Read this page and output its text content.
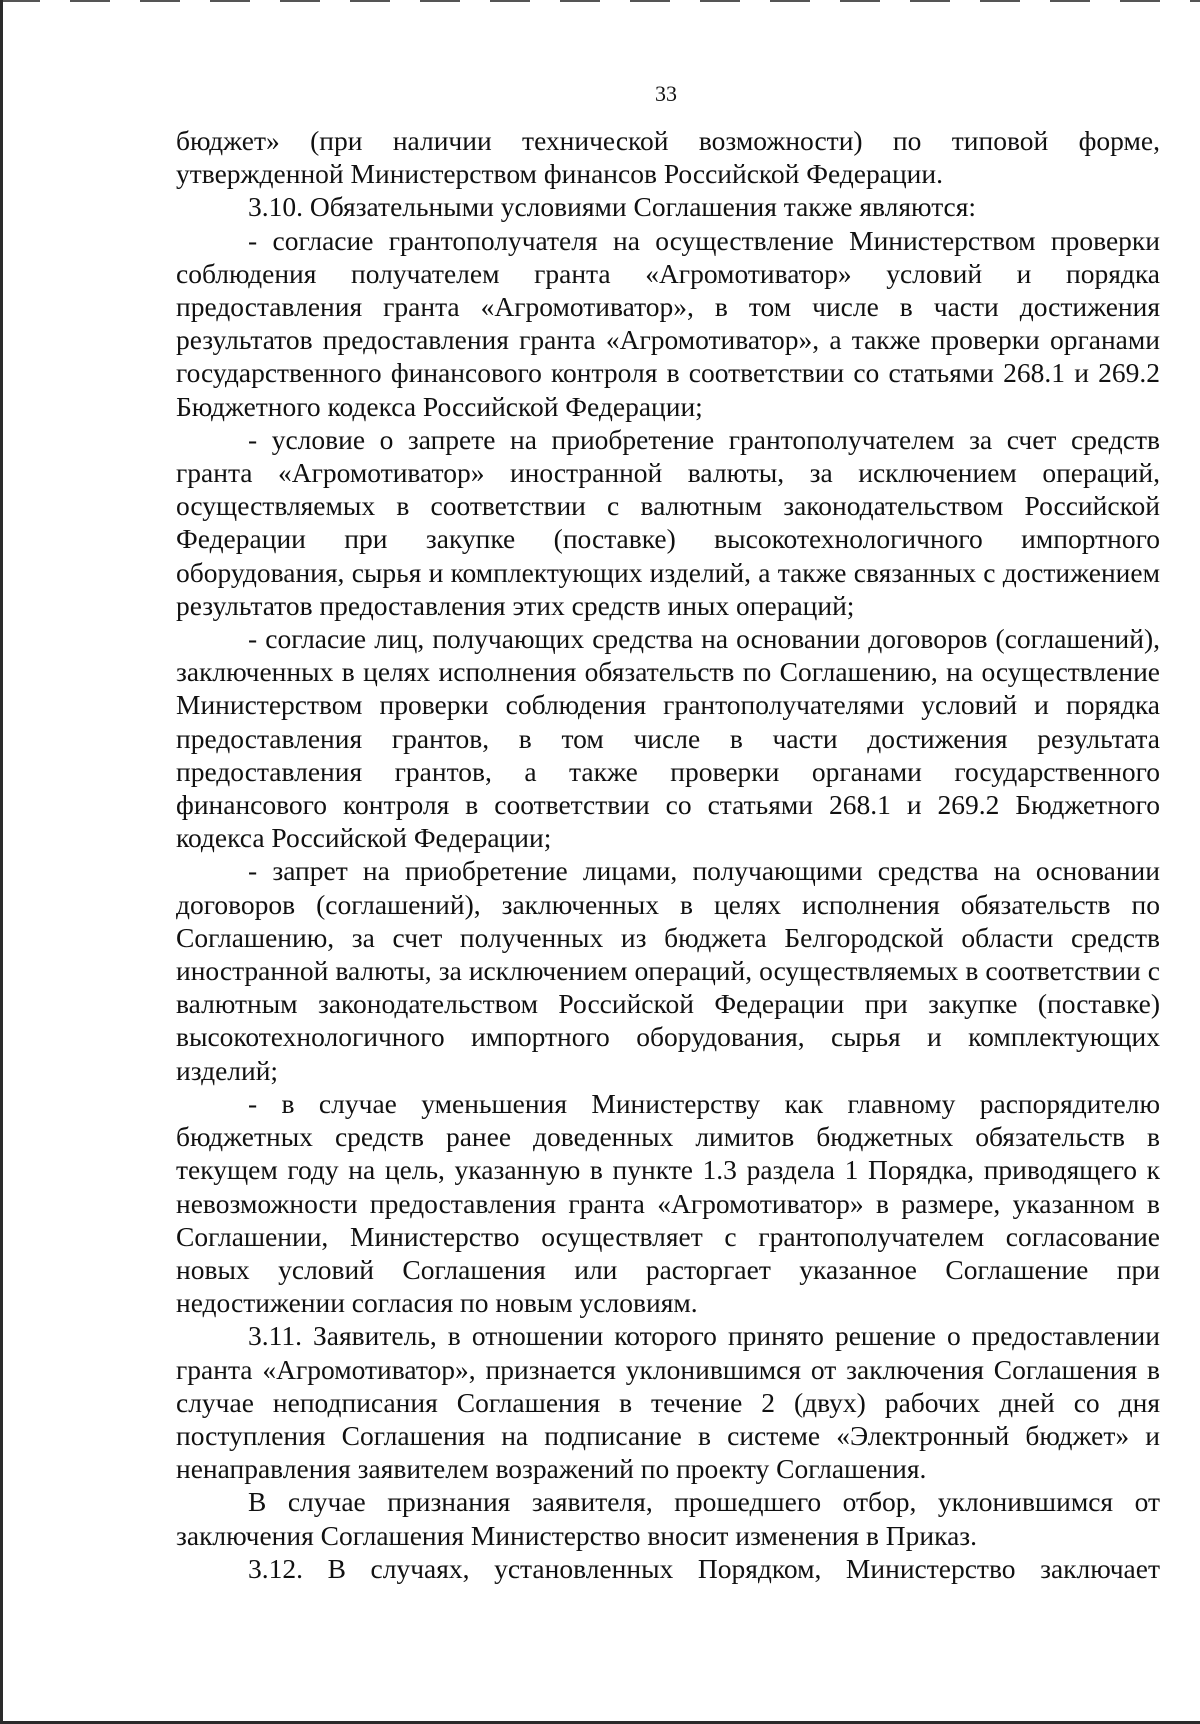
33

бюджет» (при наличии технической возможности) по типовой форме, утвержденной Министерством финансов Российской Федерации.

3.10. Обязательными условиями Соглашения также являются:

- согласие грантополучателя на осуществление Министерством проверки соблюдения получателем гранта «Агромотиватор» условий и порядка предоставления гранта «Агромотиватор», в том числе в части достижения результатов предоставления гранта «Агромотиватор», а также проверки органами государственного финансового контроля в соответствии со статьями 268.1 и 269.2 Бюджетного кодекса Российской Федерации;

- условие о запрете на приобретение грантополучателем за счет средств гранта «Агромотиватор» иностранной валюты, за исключением операций, осуществляемых в соответствии с валютным законодательством Российской Федерации при закупке (поставке) высокотехнологичного импортного оборудования, сырья и комплектующих изделий, а также связанных с достижением результатов предоставления этих средств иных операций;

- согласие лиц, получающих средства на основании договоров (соглашений), заключенных в целях исполнения обязательств по Соглашению, на осуществление Министерством проверки соблюдения грантополучателями условий и порядка предоставления грантов, в том числе в части достижения результата предоставления грантов, а также проверки органами государственного финансового контроля в соответствии со статьями 268.1 и 269.2 Бюджетного кодекса Российской Федерации;

- запрет на приобретение лицами, получающими средства на основании договоров (соглашений), заключенных в целях исполнения обязательств по Соглашению, за счет полученных из бюджета Белгородской области средств иностранной валюты, за исключением операций, осуществляемых в соответствии с валютным законодательством Российской Федерации при закупке (поставке) высокотехнологичного импортного оборудования, сырья и комплектующих изделий;

- в случае уменьшения Министерству как главному распорядителю бюджетных средств ранее доведенных лимитов бюджетных обязательств в текущем году на цель, указанную в пункте 1.3 раздела 1 Порядка, приводящего к невозможности предоставления гранта «Агромотиватор» в размере, указанном в Соглашении, Министерство осуществляет с грантополучателем согласование новых условий Соглашения или расторгает указанное Соглашение при недостижении согласия по новым условиям.

3.11. Заявитель, в отношении которого принято решение о предоставлении гранта «Агромотиватор», признается уклонившимся от заключения Соглашения в случае неподписания Соглашения в течение 2 (двух) рабочих дней со дня поступления Соглашения на подписание в системе «Электронный бюджет» и ненаправления заявителем возражений по проекту Соглашения.

В случае признания заявителя, прошедшего отбор, уклонившимся от заключения Соглашения Министерство вносит изменения в Приказ.

3.12. В случаях, установленных Порядком, Министерство заключает
